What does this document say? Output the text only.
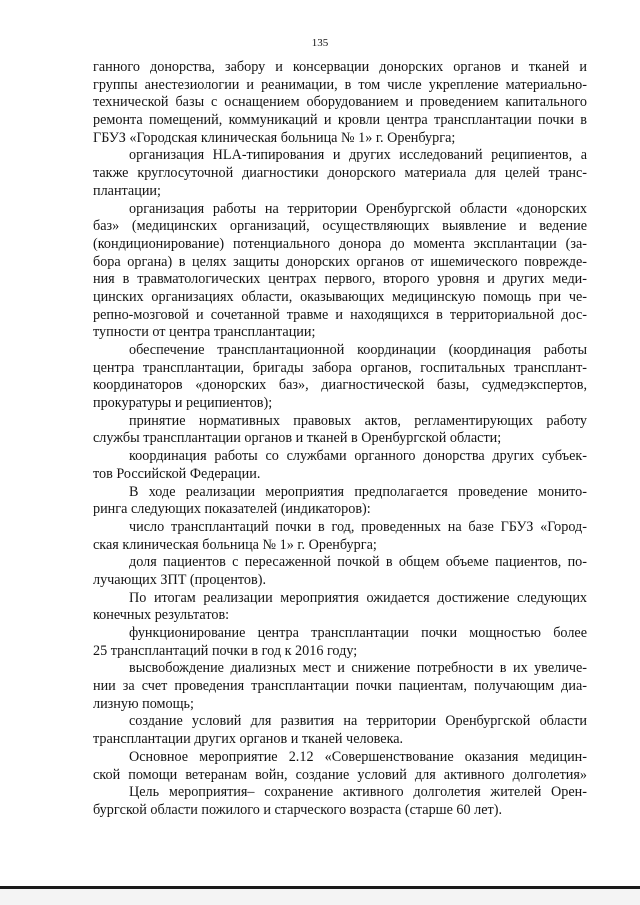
135
ганного донорства, забору и консервации донорских органов и тканей и
группы анестезиологии и реанимации, в том числе укрепление материально-
технической базы с оснащением оборудованием и проведением капитального
ремонта помещений, коммуникаций и кровли центра трансплантации почки в
ГБУЗ «Городская клиническая больница № 1» г. Оренбурга;
организация HLA-типирования и других исследований реципиентов, а
также круглосуточной диагностики донорского материала для целей транс-
плантации;
организация работы на территории Оренбургской области «донорских
баз» (медицинских организаций, осуществляющих выявление и ведение
(кондиционирование) потенциального донора до момента эксплантации (за-
бора органа) в целях защиты донорских органов от ишемического поврежде-
ния в травматологических центрах первого, второго уровня и других меди-
цинских организациях области, оказывающих медицинскую помощь при че-
репно-мозговой и сочетанной травме и находящихся в территориальной дос-
тупности от центра трансплантации;
обеспечение трансплантационной координации (координация работы
центра трансплантации, бригады забора органов, госпитальных трансплант-
координаторов «донорских баз», диагностической базы, судмедэкспертов,
прокуратуры и реципиентов);
принятие нормативных правовых актов, регламентирующих работу
службы трансплантации органов и тканей в Оренбургской области;
координация работы со службами органного донорства других субъек-
тов Российской Федерации.
В ходе реализации мероприятия предполагается проведение монито-
ринга следующих показателей (индикаторов):
число трансплантаций почки в год, проведенных на базе ГБУЗ «Город-
ская клиническая больница № 1» г. Оренбурга;
доля пациентов с пересаженной почкой в общем объеме пациентов, по-
лучающих ЗПТ (процентов).
По итогам реализации мероприятия ожидается достижение следующих
конечных результатов:
функционирование центра трансплантации почки мощностью более
25 трансплантаций почки в год к 2016 году;
высвобождение диализных мест и снижение потребности в их увеличе-
нии за счет проведения трансплантации почки пациентам, получающим диа-
лизную помощь;
создание условий для развития на территории Оренбургской области
трансплантации других органов и тканей человека.
Основное мероприятие 2.12 «Совершенствование оказания медицин-
ской помощи ветеранам войн, создание условий для активного долголетия»
Цель мероприятия– сохранение активного долголетия жителей Орен-
бургской области пожилого и старческого возраста (старше 60 лет).
